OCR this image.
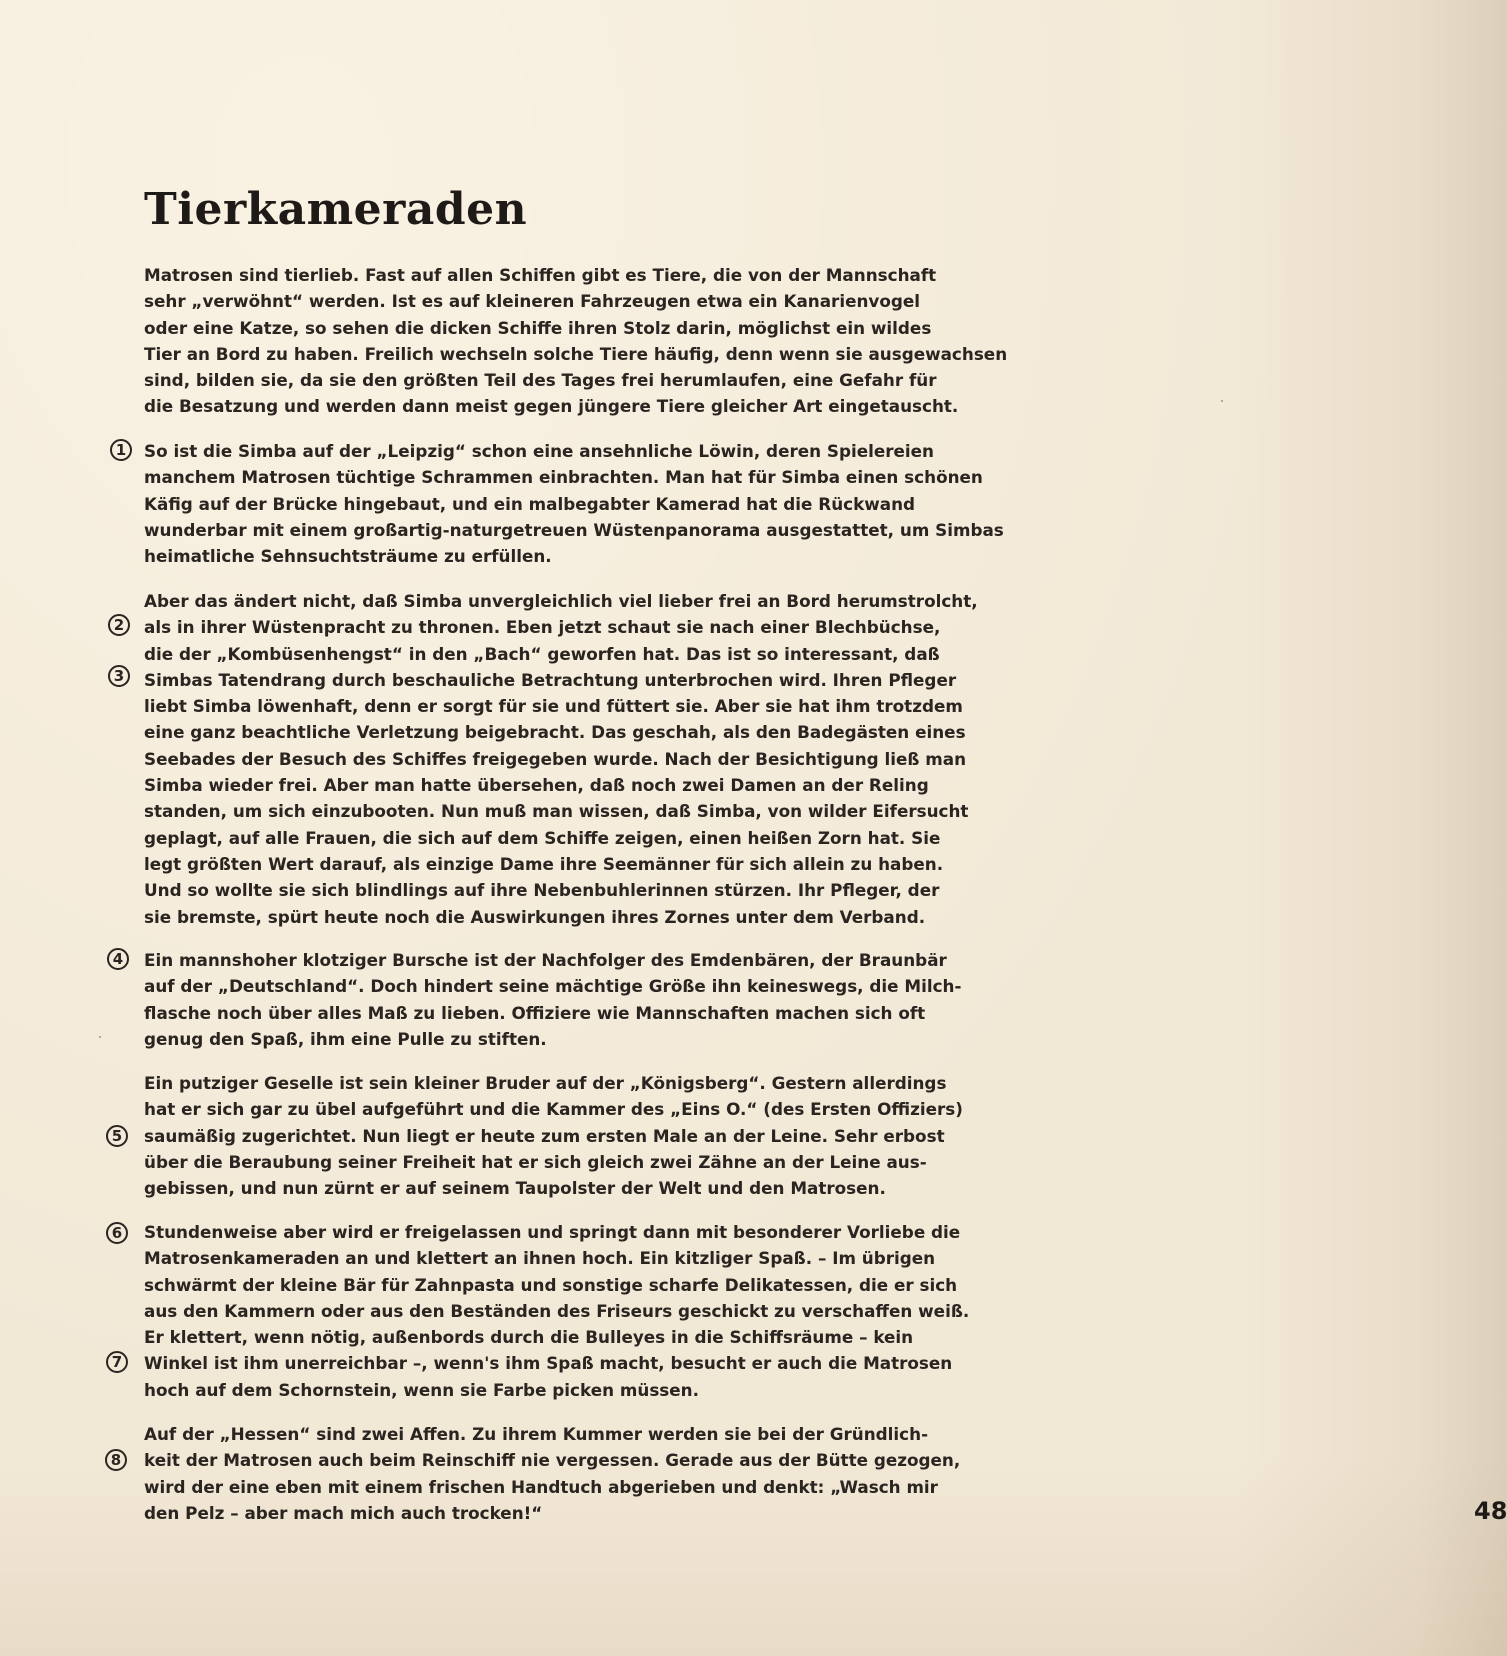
Tierkameraden
Matrosen sind tierlieb. Fast auf allen Schiffen gibt es Tiere, die von der Mannschaft
sehr „verwöhnt“ werden. Ist es auf kleineren Fahrzeugen etwa ein Kanarienvogel
oder eine Katze, so sehen die dicken Schiffe ihren Stolz darin, möglichst ein wildes
Tier an Bord zu haben. Freilich wechseln solche Tiere häufig, denn wenn sie ausgewachsen
sind, bilden sie, da sie den größten Teil des Tages frei herumlaufen, eine Gefahr für
die Besatzung und werden dann meist gegen jüngere Tiere gleicher Art eingetauscht.
So ist die Simba auf der „Leipzig“ schon eine ansehnliche Löwin, deren Spielereien
manchem Matrosen tüchtige Schrammen einbrachten. Man hat für Simba einen schönen
Käfig auf der Brücke hingebaut, und ein malbegabter Kamerad hat die Rückwand
wunderbar mit einem großartig-naturgetreuen Wüstenpanorama ausgestattet, um Simbas
heimatliche Sehnsuchtsträume zu erfüllen.
Aber das ändert nicht, daß Simba unvergleichlich viel lieber frei an Bord herumstrolcht,
als in ihrer Wüstenpracht zu thronen. Eben jetzt schaut sie nach einer Blechbüchse,
die der „Kombüsenhengst“ in den „Bach“ geworfen hat. Das ist so interessant, daß
Simbas Tatendrang durch beschauliche Betrachtung unterbrochen wird. Ihren Pfleger
liebt Simba löwenhaft, denn er sorgt für sie und füttert sie. Aber sie hat ihm trotzdem
eine ganz beachtliche Verletzung beigebracht. Das geschah, als den Badegästen eines
Seebades der Besuch des Schiffes freigegeben wurde. Nach der Besichtigung ließ man
Simba wieder frei. Aber man hatte übersehen, daß noch zwei Damen an der Reling
standen, um sich einzubooten. Nun muß man wissen, daß Simba, von wilder Eifersucht
geplagt, auf alle Frauen, die sich auf dem Schiffe zeigen, einen heißen Zorn hat. Sie
legt größten Wert darauf, als einzige Dame ihre Seemänner für sich allein zu haben.
Und so wollte sie sich blindlings auf ihre Nebenbuhlerinnen stürzen. Ihr Pfleger, der
sie bremste, spürt heute noch die Auswirkungen ihres Zornes unter dem Verband.
Ein mannshoher klotziger Bursche ist der Nachfolger des Emdenbären, der Braunbär
auf der „Deutschland“. Doch hindert seine mächtige Größe ihn keineswegs, die Milch-
flasche noch über alles Maß zu lieben. Offiziere wie Mannschaften machen sich oft
genug den Spaß, ihm eine Pulle zu stiften.
Ein putziger Geselle ist sein kleiner Bruder auf der „Königsberg“. Gestern allerdings
hat er sich gar zu übel aufgeführt und die Kammer des „Eins O.“ (des Ersten Offiziers)
saumäßig zugerichtet. Nun liegt er heute zum ersten Male an der Leine. Sehr erbost
über die Beraubung seiner Freiheit hat er sich gleich zwei Zähne an der Leine aus-
gebissen, und nun zürnt er auf seinem Taupolster der Welt und den Matrosen.
Stundenweise aber wird er freigelassen und springt dann mit besonderer Vorliebe die
Matrosenkameraden an und klettert an ihnen hoch. Ein kitzliger Spaß. – Im übrigen
schwärmt der kleine Bär für Zahnpasta und sonstige scharfe Delikatessen, die er sich
aus den Kammern oder aus den Beständen des Friseurs geschickt zu verschaffen weiß.
Er klettert, wenn nötig, außenbords durch die Bulleyes in die Schiffsräume – kein
Winkel ist ihm unerreichbar –, wenn's ihm Spaß macht, besucht er auch die Matrosen
hoch auf dem Schornstein, wenn sie Farbe picken müssen.
Auf der „Hessen“ sind zwei Affen. Zu ihrem Kummer werden sie bei der Gründlich-
keit der Matrosen auch beim Reinschiff nie vergessen. Gerade aus der Bütte gezogen,
wird der eine eben mit einem frischen Handtuch abgerieben und denkt: „Wasch mir
den Pelz – aber mach mich auch trocken!“
1
2
3
4
5
6
7
8
48
